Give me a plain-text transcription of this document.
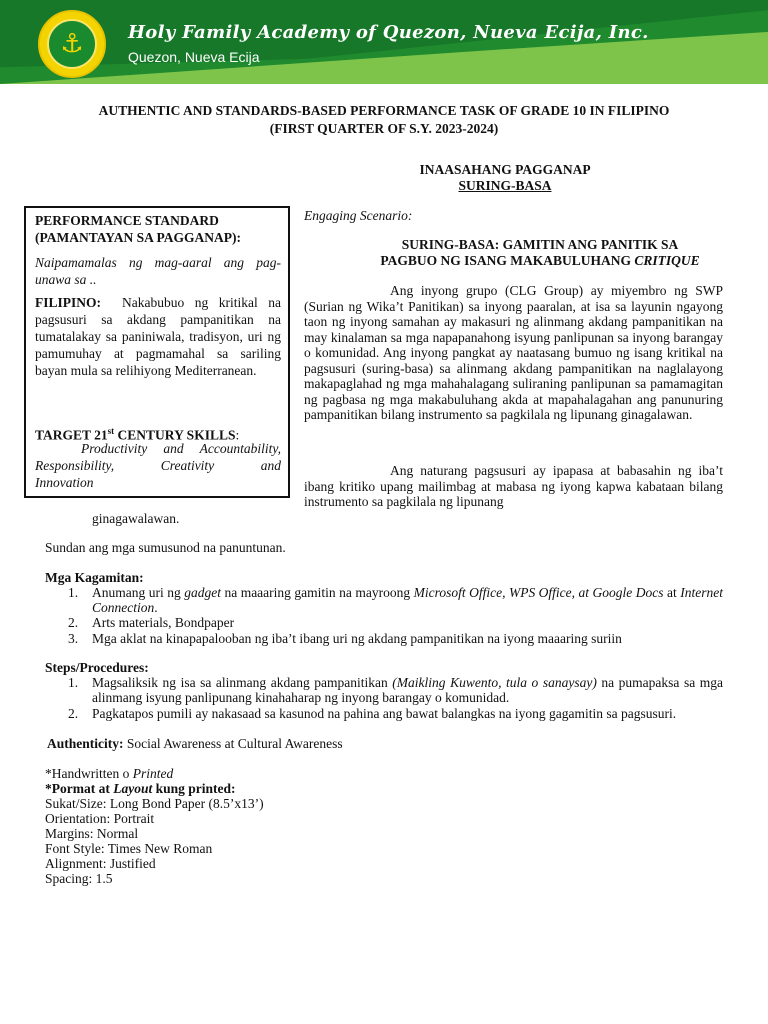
⚓	Holy Family Academy of Quezon, Nueva Ecija, Inc.
Quezon, Nueva Ecija
AUTHENTIC AND STANDARDS-BASED PERFORMANCE TASK OF GRADE 10 IN FILIPINO
(FIRST QUARTER OF S.Y. 2023-2024)
INAASAHANG PAGGANAP
SURING-BASA
PERFORMANCE STANDARD
(PAMANTAYAN SA PAGGANAP):
Naipamamalas ng mag-aaral ang pag-unawa sa ..
FILIPINO: Nakabubuo ng kritikal na pagsusuri sa akdang pampanitikan na tumatalakay sa paniniwala, tradisyon, uri ng pamumuhay at pagmamahal sa sariling bayan mula sa relihiyong Mediterranean.
TARGET 21st CENTURY SKILLS:
Productivity and Accountability, Responsibility, Creativity and
Innovation
Engaging Scenario:
SURING-BASA: GAMITIN ANG PANITIK SA
PAGBUO NG ISANG MAKABULUHANG CRITIQUE
Ang inyong grupo (CLG Group) ay miyembro ng SWP (Surian ng Wika’t Panitikan) sa inyong paaralan, at isa sa layunin ngayong taon ng inyong samahan ay makasuri ng alinmang akdang pampanitikan na may kinalaman sa mga napapanahong isyung panlipunan sa inyong barangay o komunidad. Ang inyong pangkat ay naatasang bumuo ng isang kritikal na pagsusuri (suring-basa) sa alinmang akdang pampanitikan na naglalayong makapaglahad ng mga mahahalagang suliraning panlipunan sa pamamagitan ng pagbasa ng mga makabuluhang akda at mapahalagahan ang panunuring pampanitikan bilang instrumento sa pagkilala ng lipunang ginagalawan.
Ang naturang pagsusuri ay ipapasa at babasahin ng iba’t ibang kritiko upang mailimbag at mabasa ng iyong kapwa kabataan bilang instrumento sa pagkilala ng lipunang
ginagawalawan.
Sundan ang mga sumusunod na panuntunan.
Mga Kagamitan:
1. Anumang uri ng gadget na maaaring gamitin na mayroong Microsoft Office, WPS Office, at Google Docs at Internet Connection.
2. Arts materials, Bondpaper
3. Mga aklat na kinapapalooban ng iba’t ibang uri ng akdang pampanitikan na iyong maaaring suriin
Steps/Procedures:
1. Magsaliksik ng isa sa alinmang akdang pampanitikan (Maikling Kuwento, tula o sanaysay) na pumapaksa sa mga alinmang isyung panlipunang kinahaharap ng inyong barangay o komunidad.
2. Pagkatapos pumili ay nakasaad sa kasunod na pahina ang bawat balangkas na iyong gagamitin sa pagsusuri.
Authenticity: Social Awareness at Cultural Awareness
*Handwritten o Printed
*Pormat at Layout kung printed:
Sukat/Size: Long Bond Paper (8.5’x13’)
Orientation: Portrait
Margins: Normal
Font Style: Times New Roman
Alignment: Justified
Spacing: 1.5
